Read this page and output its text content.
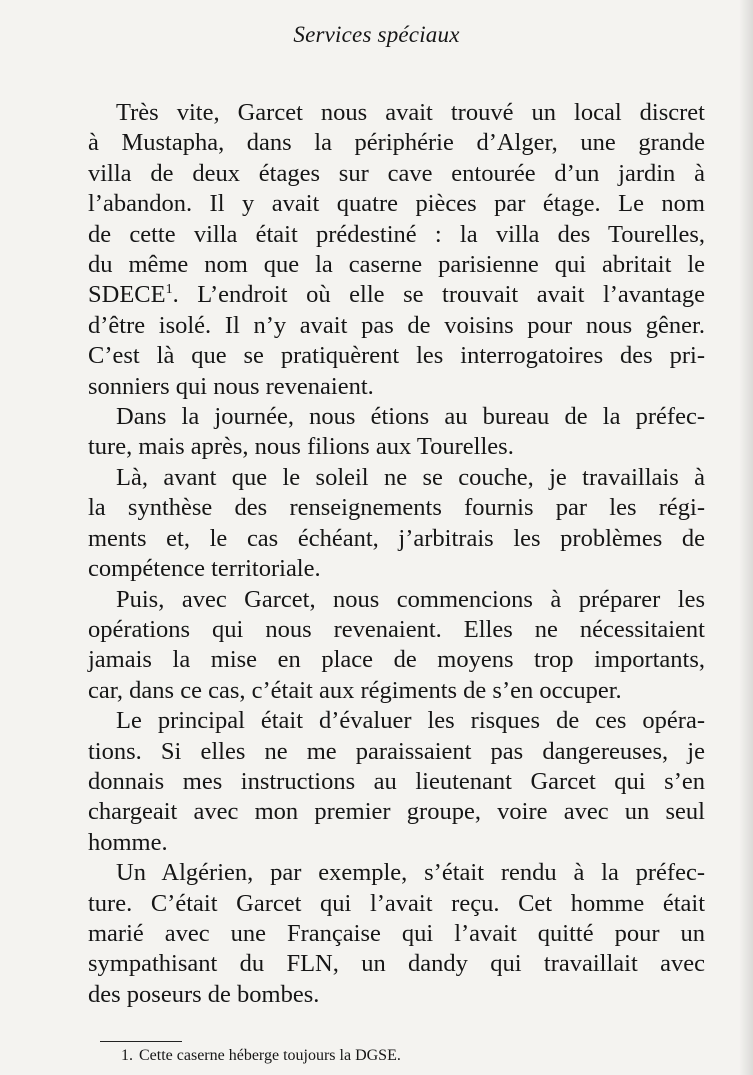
Services spéciaux

Très vite, Garcet nous avait trouvé un local discret
à Mustapha, dans la périphérie d’Alger, une grande
villa de deux étages sur cave entourée d’un jardin à
l’abandon. Il y avait quatre pièces par étage. Le nom
de cette villa était prédestiné : la villa des Tourelles,
du même nom que la caserne parisienne qui abritait le
SDECE$^1$. L’endroit où elle se trouvait avait l’avantage
d’être isolé. Il n’y avait pas de voisins pour nous gêner.
C’est là que se pratiquèrent les interrogatoires des pri-
sonniers qui nous revenaient.

Dans la journée, nous étions au bureau de la préfec-
ture, mais après, nous filions aux Tourelles.

Là, avant que le soleil ne se couche, je travaillais à
la synthèse des renseignements fournis par les régi-
ments et, le cas échéant, j’arbitrais les problèmes de
compétence territoriale.

Puis, avec Garcet, nous commencions à préparer les
opérations qui nous revenaient. Elles ne nécessitaient
jamais la mise en place de moyens trop importants,
car, dans ce cas, c’était aux régiments de s’en occuper.

Le principal était d’évaluer les risques de ces opéra-
tions. Si elles ne me paraissaient pas dangereuses, je
donnais mes instructions au lieutenant Garcet qui s’en
chargeait avec mon premier groupe, voire avec un seul
homme.

Un Algérien, par exemple, s’était rendu à la préfec-
ture. C’était Garcet qui l’avait reçu. Cet homme était
marié avec une Française qui l’avait quitté pour un
sympathisant du FLN, un dandy qui travaillait avec
des poseurs de bombes.

1. Cette caserne héberge toujours la DGSE.
